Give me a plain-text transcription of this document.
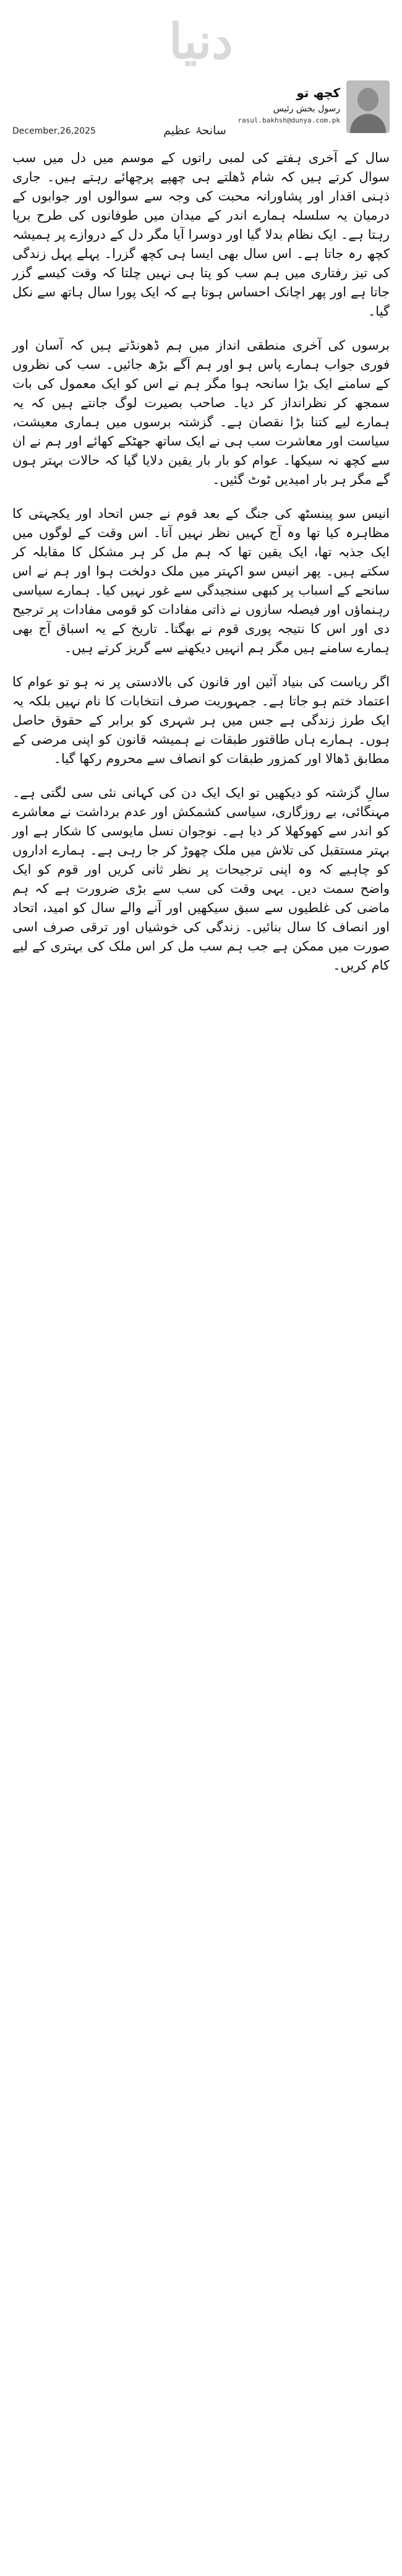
دنیا
December,26,2025	سانحۂ عظیم
کچھ تو
رسول بخش رئیس
rasul.bakhsh@dunya.com.pk

سال کے آخری ہفتے کی لمبی راتوں کے موسم میں دل میں سب سوال کرتے ہیں کہ شام ڈھلتے ہی چھپے پرچھائے رہتے ہیں۔ جاری ذہنی اقدار اور پشاورانہ محبت کی وجہ سے سوالوں اور جوابوں کے درمیان یہ سلسلہ ہمارے اندر کے میدان میں طوفانوں کی طرح برپا رہتا ہے۔ ایک نظام بدلا گیا اور دوسرا آیا مگر دل کے دروازے پر ہمیشہ کچھ رہ جاتا ہے۔ اس سال بھی ایسا ہی کچھ گزرا۔ پہلے پہل زندگی کی تیز رفتاری میں ہم سب کو پتا ہی نہیں چلتا کہ وقت کیسے گزر جاتا ہے اور پھر اچانک احساس ہوتا ہے کہ ایک پورا سال ہاتھ سے نکل گیا۔

برسوں کی آخری منطقی انداز میں ہم ڈھونڈتے ہیں کہ آسان اور فوری جواب ہمارے پاس ہو اور ہم آگے بڑھ جائیں۔ سب کی نظروں کے سامنے ایک بڑا سانحہ ہوا مگر ہم نے اس کو ایک معمول کی بات سمجھ کر نظرانداز کر دیا۔ صاحب بصیرت لوگ جانتے ہیں کہ یہ ہمارے لیے کتنا بڑا نقصان ہے۔ گزشتہ برسوں میں ہماری معیشت، سیاست اور معاشرت سب ہی نے ایک ساتھ جھٹکے کھائے اور ہم نے ان سے کچھ نہ سیکھا۔ عوام کو بار بار یقین دلایا گیا کہ حالات بہتر ہوں گے مگر ہر بار امیدیں ٹوٹ گئیں۔

انیس سو پینسٹھ کی جنگ کے بعد قوم نے جس اتحاد اور یکجہتی کا مظاہرہ کیا تھا وہ آج کہیں نظر نہیں آتا۔ اس وقت کے لوگوں میں ایک جذبہ تھا، ایک یقین تھا کہ ہم مل کر ہر مشکل کا مقابلہ کر سکتے ہیں۔ پھر انیس سو اکہتر میں ملک دولخت ہوا اور ہم نے اس سانحے کے اسباب پر کبھی سنجیدگی سے غور نہیں کیا۔ ہمارے سیاسی رہنماؤں اور فیصلہ سازوں نے ذاتی مفادات کو قومی مفادات پر ترجیح دی اور اس کا نتیجہ پوری قوم نے بھگتا۔ تاریخ کے یہ اسباق آج بھی ہمارے سامنے ہیں مگر ہم انہیں دیکھنے سے گریز کرتے ہیں۔

اگر ریاست کی بنیاد آئین اور قانون کی بالادستی پر نہ ہو تو عوام کا اعتماد ختم ہو جاتا ہے۔ جمہوریت صرف انتخابات کا نام نہیں بلکہ یہ ایک طرز زندگی ہے جس میں ہر شہری کو برابر کے حقوق حاصل ہوں۔ ہمارے ہاں طاقتور طبقات نے ہمیشہ قانون کو اپنی مرضی کے مطابق ڈھالا اور کمزور طبقات کو انصاف سے محروم رکھا گیا۔

سالِ گزشتہ کو دیکھیں تو ایک ایک دن کی کہانی نئی سی لگتی ہے۔ مہنگائی، بے روزگاری، سیاسی کشمکش اور عدم برداشت نے معاشرے کو اندر سے کھوکھلا کر دیا ہے۔ نوجوان نسل مایوسی کا شکار ہے اور بہتر مستقبل کی تلاش میں ملک چھوڑ کر جا رہی ہے۔ ہمارے اداروں کو چاہیے کہ وہ اپنی ترجیحات پر نظر ثانی کریں اور قوم کو ایک واضح سمت دیں۔ یہی وقت کی سب سے بڑی ضرورت ہے کہ ہم ماضی کی غلطیوں سے سبق سیکھیں اور آنے والے سال کو امید، اتحاد اور انصاف کا سال بنائیں۔ زندگی کی خوشیاں اور ترقی صرف اسی صورت میں ممکن ہے جب ہم سب مل کر اس ملک کی بہتری کے لیے کام کریں۔
